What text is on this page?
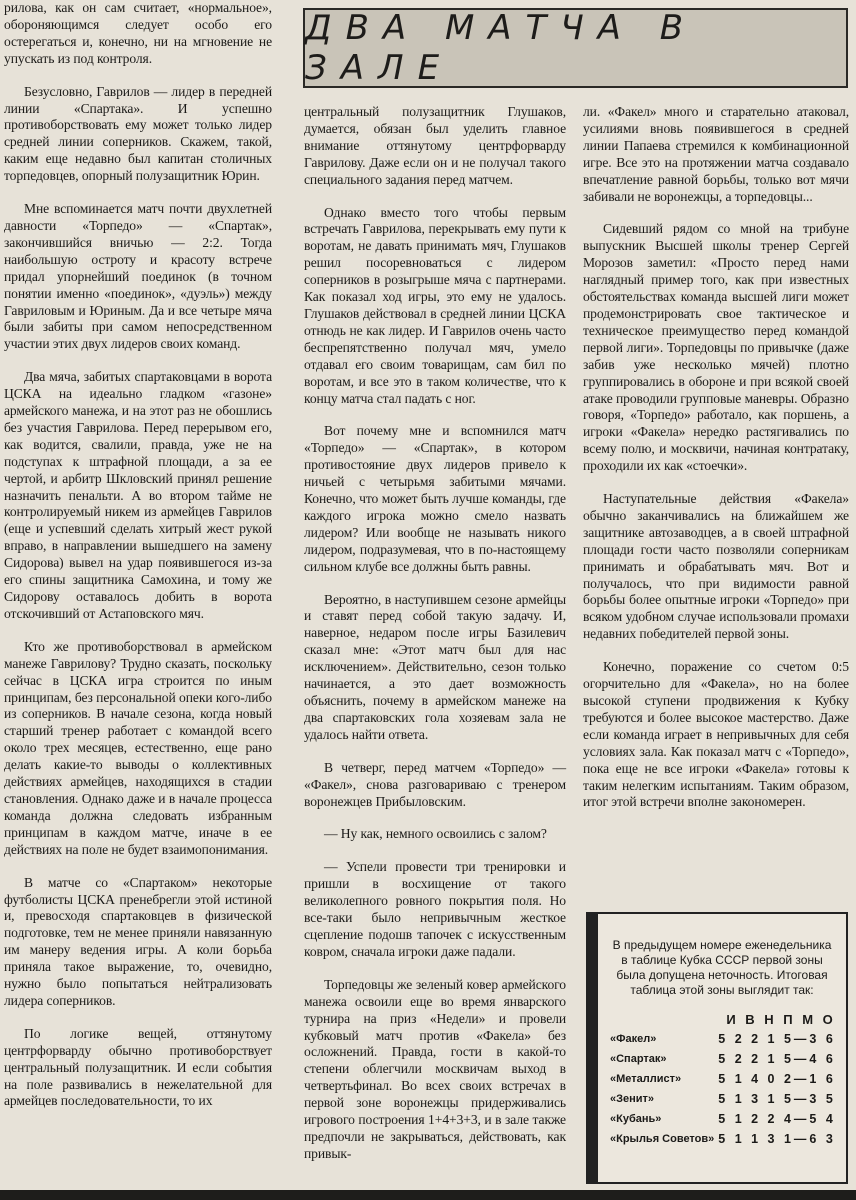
рилова, как он сам считает, «нормальное», обороняющимся следует особо его остерегаться и, конечно, ни на мгновение не упускать из под контроля.

Безусловно, Гаврилов — лидер в передней линии «Спартака». И успешно противоборствовать ему может только лидер средней линии соперников. Скажем, такой, каким еще недавно был капитан столичных торпедовцев, опорный полузащитник Юрин.

Мне вспоминается матч почти двухлетней давности «Торпедо» — «Спартак», закончившийся вничью — 2:2. Тогда наибольшую остроту и красоту встрече придал упорнейший поединок (в точном понятии именно «поединок», «дуэль») между Гавриловым и Юриным. Да и все четыре мяча были забиты при самом непосредственном участии этих двух лидеров своих команд.

Два мяча, забитых спартаковцами в ворота ЦСКА на идеально гладком «газоне» армейского манежа, и на этот раз не обошлись без участия Гаврилова. Перед перерывом его, как водится, свалили, правда, уже не на подступах к штрафной площади, а за ее чертой, и арбитр Шкловский принял решение назначить пенальти. А во втором тайме не контролируемый никем из армейцев Гаврилов (еще и успевший сделать хитрый жест рукой вправо, в направлении вышедшего на замену Сидорова) вывел на удар появившегося из-за его спины защитника Самохина, и тому же Сидорову оставалось добить в ворота отскочивший от Астаповского мяч.

Кто же противоборствовал в армейском манеже Гаврилову? Трудно сказать, поскольку сейчас в ЦСКА игра строится по иным принципам, без персональной опеки кого-либо из соперников. В начале сезона, когда новый старший тренер работает с командой всего около трех месяцев, естественно, еще рано делать какие-то выводы о коллективных действиях армейцев, находящихся в стадии становления. Однако даже и в начале процесса команда должна следовать избранным принципам в каждом матче, иначе в ее действиях на поле не будет взаимопонимания.

В матче со «Спартаком» некоторые футболисты ЦСКА пренебрегли этой истиной и, превосходя спартаковцев в физической подготовке, тем не менее приняли навязанную им манеру ведения игры. А коли борьба приняла такое выражение, то, очевидно, нужно было попытаться нейтрализовать лидера соперников.

По логике вещей, оттянутому центрфорварду обычно противоборствует центральный полузащитник. И если события на поле развивались в нежелательной для армейцев последовательности, то их

ДВА МАТЧА В ЗАЛЕ

центральный полузащитник Глушаков, думается, обязан был уделить главное внимание оттянутому центрфорварду Гаврилову. Даже если он и не получал такого специального задания перед матчем.

Однако вместо того чтобы первым встречать Гаврилова, перекрывать ему пути к воротам, не давать принимать мяч, Глушаков решил посоревноваться с лидером соперников в розыгрыше мяча с партнерами. Как показал ход игры, это ему не удалось. Глушаков действовал в средней линии ЦСКА отнюдь не как лидер. И Гаврилов очень часто беспрепятственно получал мяч, умело отдавал его своим товарищам, сам бил по воротам, и все это в таком количестве, что к концу матча стал падать с ног.

Вот почему мне и вспомнился матч «Торпедо» — «Спартак», в котором противостояние двух лидеров привело к ничьей с четырьмя забитыми мячами. Конечно, что может быть лучше команды, где каждого игрока можно смело назвать лидером? Или вообще не называть никого лидером, подразумевая, что в по-настоящему сильном клубе все должны быть равны.

Вероятно, в наступившем сезоне армейцы и ставят перед собой такую задачу. И, наверное, недаром после игры Базилевич сказал мне: «Этот матч был для нас исключением». Действительно, сезон только начинается, а это дает возможность объяснить, почему в армейском манеже на два спартаковских гола хозяевам зала не удалось найти ответа.

В четверг, перед матчем «Торпедо» — «Факел», снова разговариваю с тренером воронежцев Прибыловским.

— Ну как, немного освоились с залом?

— Успели провести три тренировки и пришли в восхищение от такого великолепного ровного покрытия поля. Но все-таки было непривычным жесткое сцепление подошв тапочек с искусственным ковром, сначала игроки даже падали.

Торпедовцы же зеленый ковер армейского манежа освоили еще во время январского турнира на приз «Недели» и провели кубковый матч против «Факела» без осложнений. Правда, гости в какой-то степени облегчили москвичам выход в четвертьфинал. Во всех своих встречах в первой зоне воронежцы придерживались игрового построения 1+4+3+3, и в зале также предпочли не закрываться, действовать, как привык-

ли. «Факел» много и старательно атаковал, усилиями вновь появившегося в средней линии Папаева стремился к комбинационной игре. Все это на протяжении матча создавало впечатление равной борьбы, только вот мячи забивали не воронежцы, а торпедовцы...

Сидевший рядом со мной на трибуне выпускник Высшей школы тренер Сергей Морозов заметил: «Просто перед нами наглядный пример того, как при известных обстоятельствах команда высшей лиги может продемонстрировать свое тактическое и техническое преимущество перед командой первой лиги». Торпедовцы по привычке (даже забив уже несколько мячей) плотно группировались в обороне и при всякой своей атаке проводили групповые маневры. Образно говоря, «Торпедо» работало, как поршень, а игроки «Факела» нередко растягивались по всему полю, и москвичи, начиная контратаку, проходили их как «стоечки».

Наступательные действия «Факела» обычно заканчивались на ближайшем же защитнике автозаводцев, а в своей штрафной площади гости часто позволяли соперникам принимать и обрабатывать мяч. Вот и получалось, что при видимости равной борьбы более опытные игроки «Торпедо» при всяком удобном случае использовали промахи недавних победителей первой зоны.

Конечно, поражение со счетом 0:5 огорчительно для «Факела», но на более высокой ступени продвижения к Кубку требуются и более высокое мастерство. Даже если команда играет в непривычных для себя условиях зала. Как показал матч с «Торпедо», пока еще не все игроки «Факела» готовы к таким нелегким испытаниям. Таким образом, итог этой встречи вполне закономерен.

В предыдущем номере еженедельника в таблице Кубка СССР первой зоны была допущена неточность. Итоговая таблица этой зоны выглядит так:

	И В Н П М О
«Факел»	5 2 2 1 5—3 6
«Спартак»	5 2 2 1 5—4 6
«Металлист»	5 1 4 0 2—1 6
«Зенит»	5 1 3 1 5—3 5
«Кубань»	5 1 2 2 4—5 4
«Крылья Советов»	5 1 1 3 1—6 3
